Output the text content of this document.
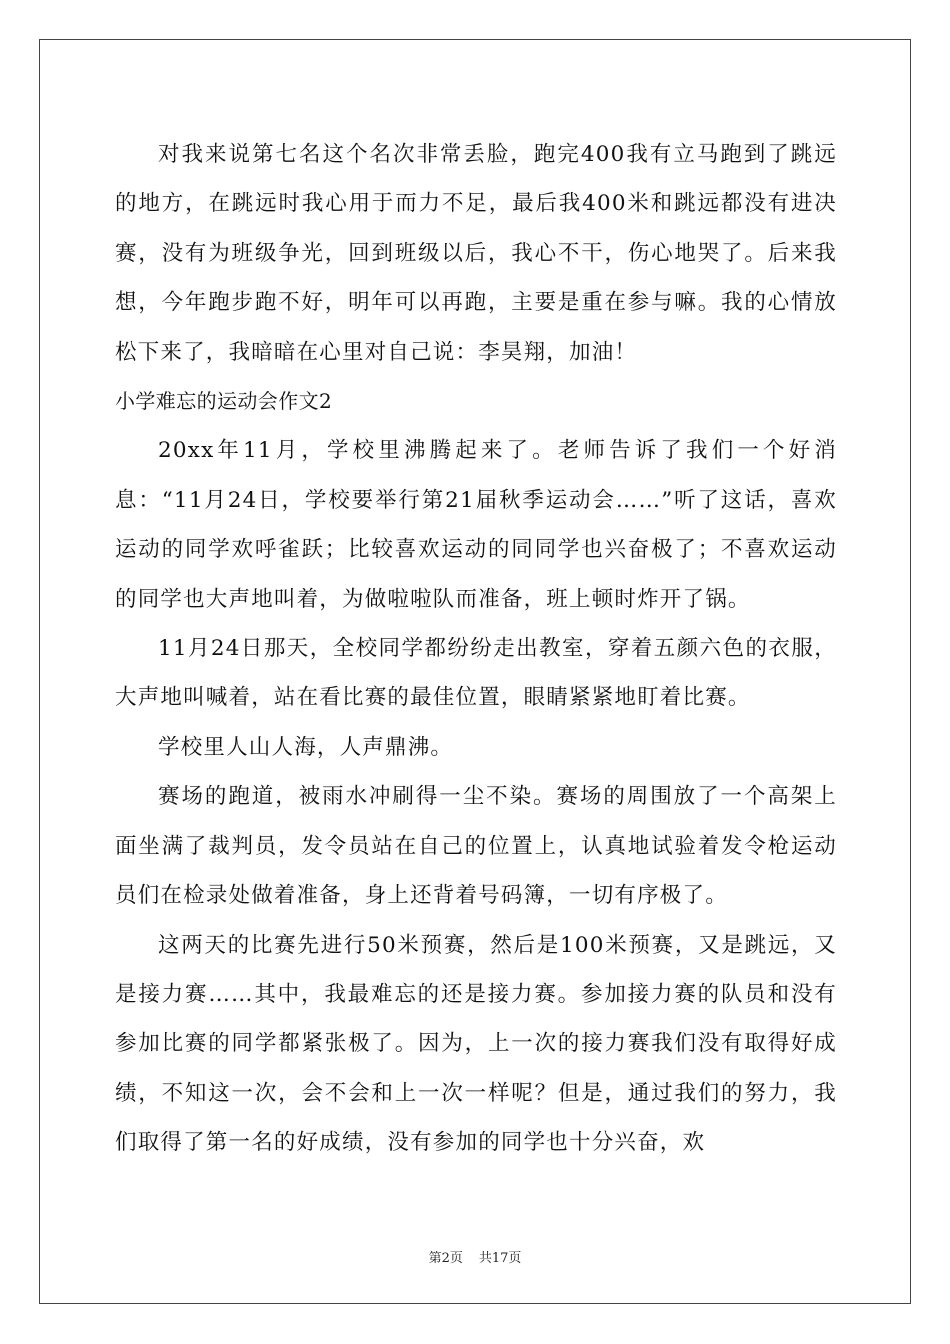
对我来说第七名这个名次非常丢脸，跑完400我有立马跑到了跳远的地方，在跳远时我心用于而力不足，最后我400米和跳远都没有进决赛，没有为班级争光，回到班级以后，我心不干，伤心地哭了。后来我想，今年跑步跑不好，明年可以再跑，主要是重在参与嘛。我的心情放松下来了，我暗暗在心里对自己说：李昊翔，加油！

小学难忘的运动会作文2

20xx年11月，学校里沸腾起来了。老师告诉了我们一个好消息：“11月24日，学校要举行第21届秋季运动会……”听了这话，喜欢运动的同学欢呼雀跃；比较喜欢运动的同同学也兴奋极了；不喜欢运动的同学也大声地叫着，为做啦啦队而准备，班上顿时炸开了锅。

11月24日那天，全校同学都纷纷走出教室，穿着五颜六色的衣服，大声地叫喊着，站在看比赛的最佳位置，眼睛紧紧地盯着比赛。

学校里人山人海，人声鼎沸。

赛场的跑道，被雨水冲刷得一尘不染。赛场的周围放了一个高架上面坐满了裁判员，发令员站在自己的位置上，认真地试验着发令枪运动员们在检录处做着准备，身上还背着号码簿，一切有序极了。

这两天的比赛先进行50米预赛，然后是100米预赛，又是跳远，又是接力赛……其中，我最难忘的还是接力赛。参加接力赛的队员和没有参加比赛的同学都紧张极了。因为，上一次的接力赛我们没有取得好成绩，不知这一次，会不会和上一次一样呢？但是，通过我们的努力，我们取得了第一名的好成绩，没有参加的同学也十分兴奋，欢

第2页 共17页
